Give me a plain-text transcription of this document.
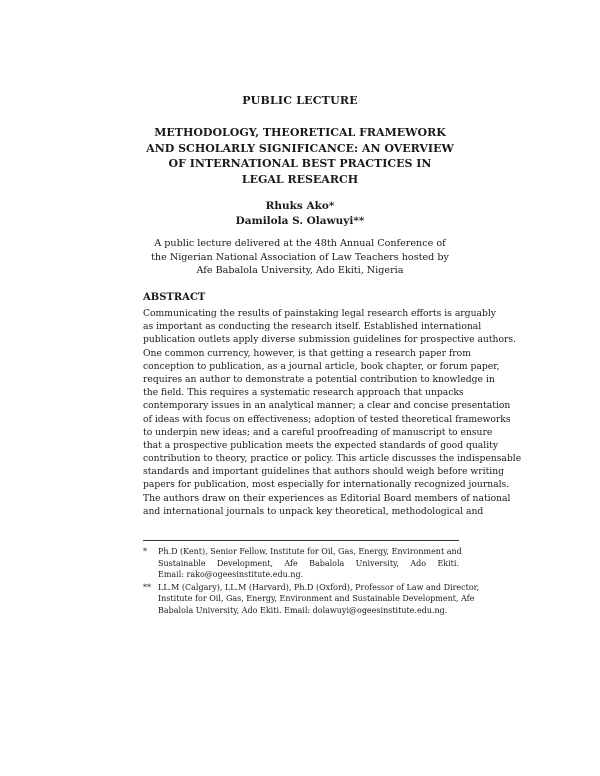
PUBLIC LECTURE
METHODOLOGY, THEORETICAL FRAMEWORK
AND SCHOLARLY SIGNIFICANCE: AN OVERVIEW
OF INTERNATIONAL BEST PRACTICES IN
LEGAL RESEARCH
Rhuks Ako*
Damilola S. Olawuyi**
A public lecture delivered at the 48th Annual Conference of
the Nigerian National Association of Law Teachers hosted by
Afe Babalola University, Ado Ekiti, Nigeria
ABSTRACT
Communicating the results of painstaking legal research efforts is arguably
as important as conducting the research itself. Established international
publication outlets apply diverse submission guidelines for prospective authors.
One common currency, however, is that getting a research paper from
conception to publication, as a journal article, book chapter, or forum paper,
requires an author to demonstrate a potential contribution to knowledge in
the field. This requires a systematic research approach that unpacks
contemporary issues in an analytical manner; a clear and concise presentation
of ideas with focus on effectiveness; adoption of tested theoretical frameworks
to underpin new ideas; and a careful proofreading of manuscript to ensure
that a prospective publication meets the expected standards of good quality
contribution to theory, practice or policy. This article discusses the indispensable
standards and important guidelines that authors should weigh before writing
papers for publication, most especially for internationally recognized journals.
The authors draw on their experiences as Editorial Board members of national
and international journals to unpack key theoretical, methodological and
* Ph.D (Kent), Senior Fellow, Institute for Oil, Gas, Energy, Environment and
Sustainable Development, Afe Babalola University, Ado Ekiti.
Email: rako@ogeesinstitute.edu.ng.
** LL.M (Calgary), LL.M (Harvard), Ph.D (Oxford), Professor of Law and Director,
Institute for Oil, Gas, Energy, Environment and Sustainable Development, Afe
Babalola University, Ado Ekiti. Email: dolawuyi@ogeesinstitute.edu.ng.
